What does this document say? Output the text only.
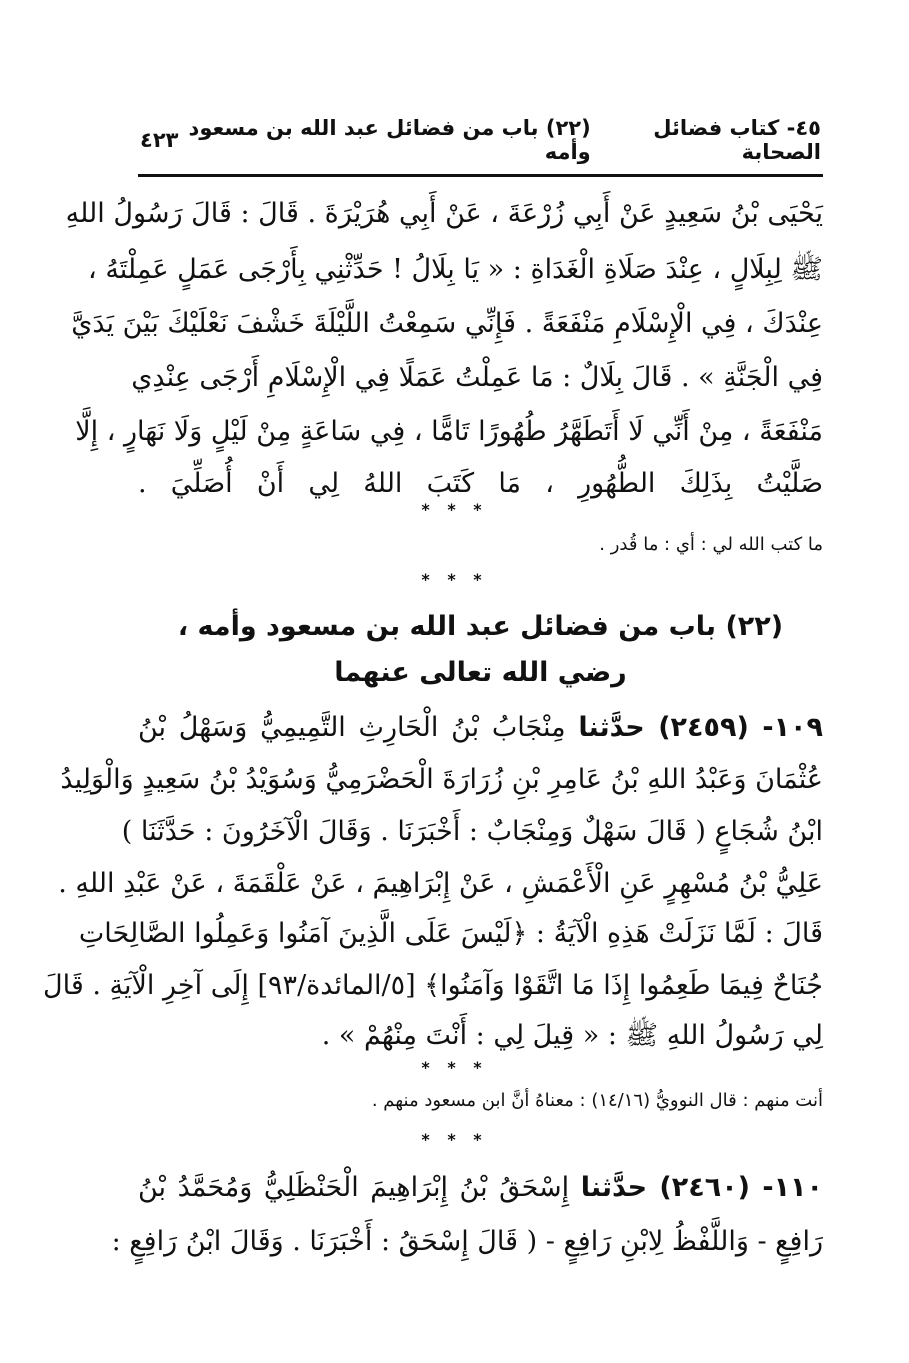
٤٥- كتاب فضائل الصحابة
(٢٢) باب من فضائل عبد الله بن مسعود وأمه
٤٢٣
يَحْيَى بْنُ سَعِيدٍ عَنْ أَبِي زُرْعَةَ ، عَنْ أَبِي هُرَيْرَةَ . قَالَ : قَالَ رَسُولُ اللهِ
ﷺ لِبِلَالٍ ، عِنْدَ صَلَاةِ الْغَدَاةِ : « يَا بِلَالُ ! حَدِّثْنِي بِأَرْجَى عَمَلٍ عَمِلْتَهُ ،
عِنْدَكَ ، فِي الْإِسْلَامِ مَنْفَعَةً . فَإِنِّي سَمِعْتُ اللَّيْلَةَ خَشْفَ نَعْلَيْكَ بَيْنَ يَدَيَّ
فِي الْجَنَّةِ » . قَالَ بِلَالٌ : مَا عَمِلْتُ عَمَلًا فِي الْإِسْلَامِ أَرْجَى عِنْدِي
مَنْفَعَةً ، مِنْ أَنِّي لَا أَتَطَهَّرُ طُهُورًا تَامًّا ، فِي سَاعَةٍ مِنْ لَيْلٍ وَلَا نَهَارٍ ، إِلَّا
صَلَّيْتُ بِذَلِكَ الطُّهُورِ ، مَا كَتَبَ اللهُ لِي أَنْ أُصَلِّيَ .
* * *
ما كتب الله لي : أي : ما قُدر .
* * *
(٢٢) باب من فضائل عبد الله بن مسعود وأمه ،
رضي الله تعالى عنهما
١٠٩- (٢٤٥٩) حدَّثنا مِنْجَابُ بْنُ الْحَارِثِ التَّمِيمِيُّ وَسَهْلُ بْنُ
عُثْمَانَ وَعَبْدُ اللهِ بْنُ عَامِرِ بْنِ زُرَارَةَ الْحَضْرَمِيُّ وَسُوَيْدُ بْنُ سَعِيدٍ وَالْوَلِيدُ
ابْنُ شُجَاعٍ ( قَالَ سَهْلٌ وَمِنْجَابٌ : أَخْبَرَنَا . وَقَالَ الْآخَرُونَ : حَدَّثَنَا )
عَلِيُّ بْنُ مُسْهِرٍ عَنِ الْأَعْمَشِ ، عَنْ إِبْرَاهِيمَ ، عَنْ عَلْقَمَةَ ، عَنْ عَبْدِ اللهِ .
قَالَ : لَمَّا نَزَلَتْ هَذِهِ الْآيَةُ : ﴿لَيْسَ عَلَى الَّذِينَ آمَنُوا وَعَمِلُوا الصَّالِحَاتِ
جُنَاحٌ فِيمَا طَعِمُوا إِذَا مَا اتَّقَوْا وَآمَنُوا﴾ [٥/المائدة/٩٣] إِلَى آخِرِ الْآيَةِ . قَالَ
لِي رَسُولُ اللهِ ﷺ : « قِيلَ لِي : أَنْتَ مِنْهُمْ » .
* * *
أنت منهم : قال النوويُّ (١٤/١٦) : معناهُ أنَّ ابن مسعود منهم .
* * *
١١٠- (٢٤٦٠) حدَّثنا إِسْحَقُ بْنُ إِبْرَاهِيمَ الْحَنْظَلِيُّ وَمُحَمَّدُ بْنُ
رَافِعٍ - وَاللَّفْظُ لِابْنِ رَافِعٍ - ( قَالَ إِسْحَقُ : أَخْبَرَنَا . وَقَالَ ابْنُ رَافِعٍ :
